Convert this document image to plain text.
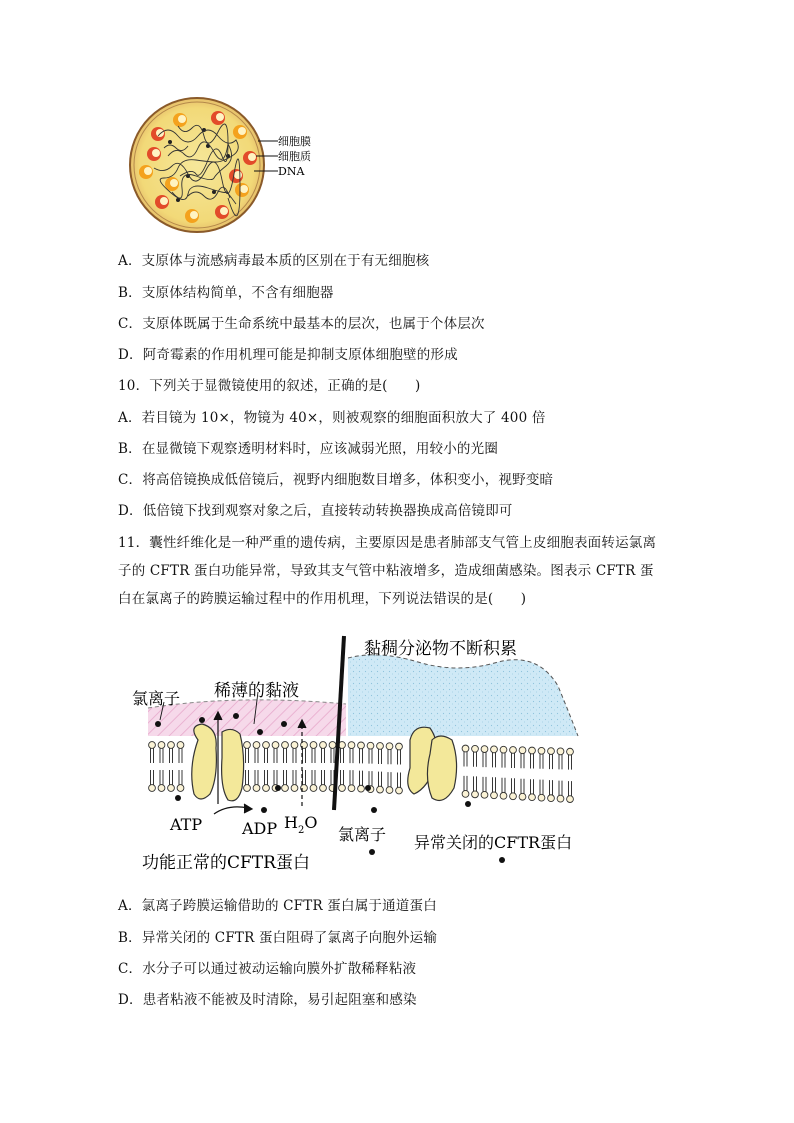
细胞膜
细胞质
DNA
A．支原体与流感病毒最本质的区别在于有无细胞核
B．支原体结构简单，不含有细胞器
C．支原体既属于生命系统中最基本的层次，也属于个体层次
D．阿奇霉素的作用机理可能是抑制支原体细胞壁的形成
10．下列关于显微镜使用的叙述，正确的是(　　)
A．若目镜为 10×，物镜为 40×，则被观察的细胞面积放大了 400 倍
B．在显微镜下观察透明材料时，应该减弱光照，用较小的光圈
C．将高倍镜换成低倍镜后，视野内细胞数目增多，体积变小，视野变暗
D．低倍镜下找到观察对象之后，直接转动转换器换成高倍镜即可
11．囊性纤维化是一种严重的遗传病，主要原因是患者肺部支气管上皮细胞表面转运氯离子的 CFTR 蛋白功能异常，导致其支气管中粘液增多，造成细菌感染。图表示 CFTR 蛋白在氯离子的跨膜运输过程中的作用机理，下列说法错误的是(　　)
黏稠分泌物不断积累
稀薄的黏液
氯离子
ATP ADP $H_2O$
氯离子 异常关闭的CFTR蛋白
功能正常的CFTR蛋白
A．氯离子跨膜运输借助的 CFTR 蛋白属于通道蛋白
B．异常关闭的 CFTR 蛋白阻碍了氯离子向胞外运输
C．水分子可以通过被动运输向膜外扩散稀释粘液
D．患者粘液不能被及时清除，易引起阻塞和感染
